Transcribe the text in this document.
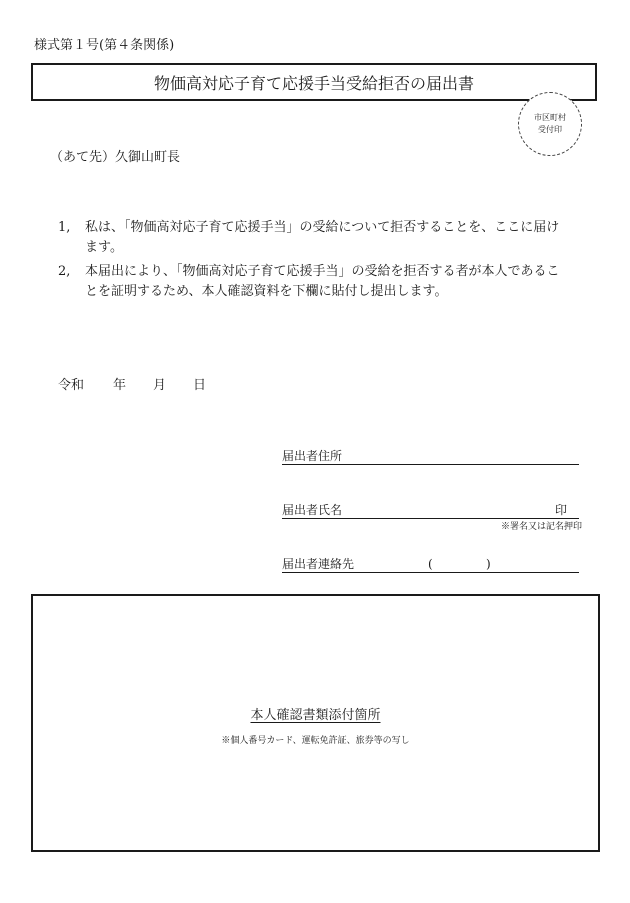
様式第１号(第４条関係)
物価高対応子育て応援手当受給拒否の届出書
市区町村
受付印
（あて先）久御山町長
1, 私は、「物価高対応子育て応援手当」の受給について拒否することを、ここに届けます。
2, 本届出により、「物価高対応子育て応援手当」の受給を拒否する者が本人であることを証明するため、本人確認資料を下欄に貼付し提出します。
令和 年 月 日
届出者住所
届出者氏名	印
※署名又は記名押印
届出者連絡先	(	)
本人確認書類添付箇所
※個人番号カード、運転免許証、旅券等の写し
